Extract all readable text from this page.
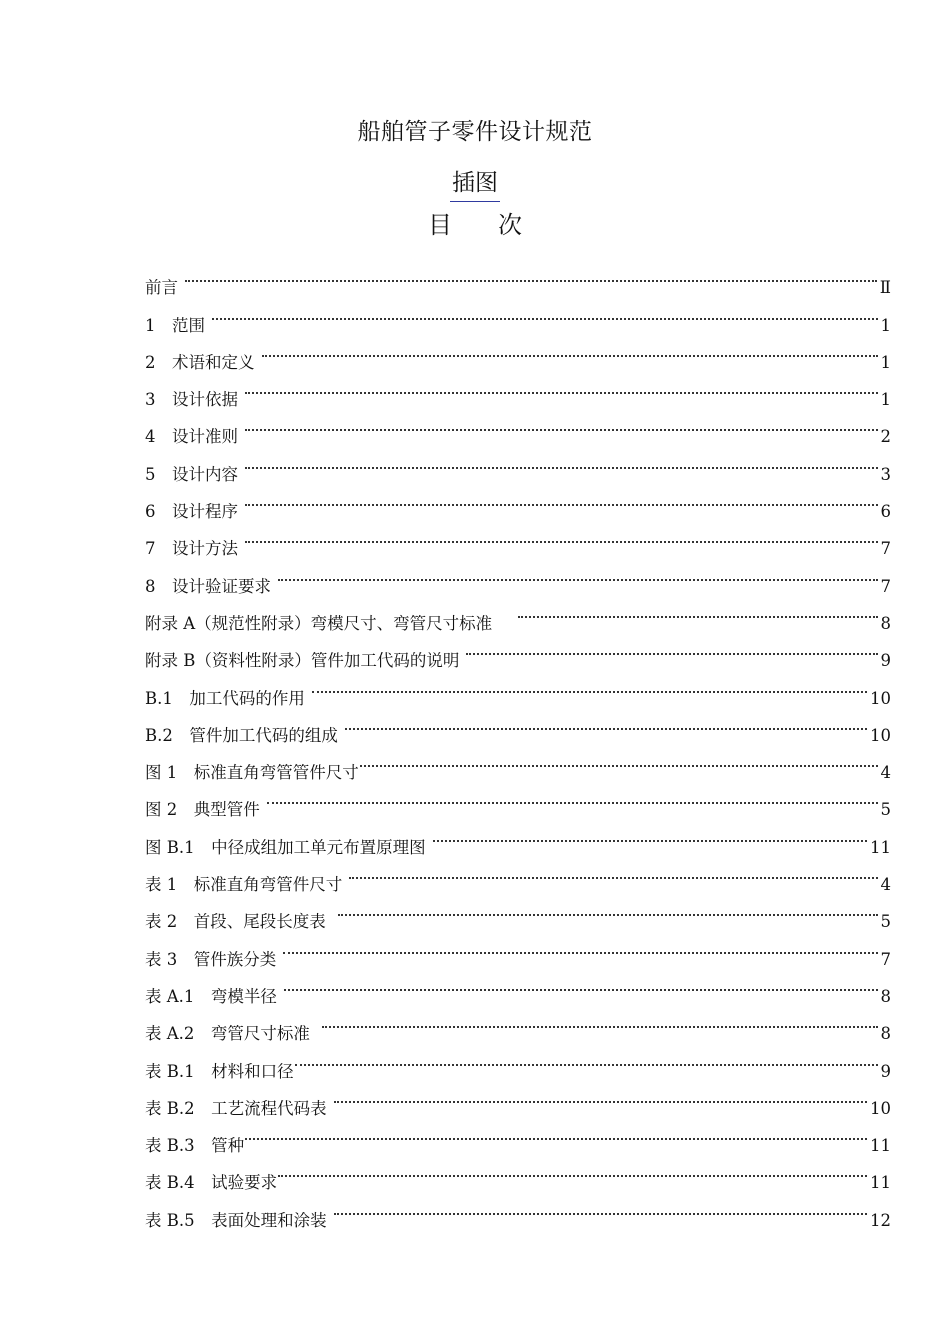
船舶管子零件设计规范
插图
目 次
前言	Ⅱ
1　范围	1
2　术语和定义	1
3　设计依据	1
4　设计准则	2
5　设计内容	3
6　设计程序	6
7　设计方法	7
8　设计验证要求	7
附录 A（规范性附录）弯模尺寸、弯管尺寸标准	8
附录 B（资料性附录）管件加工代码的说明	9
B.1　加工代码的作用	10
B.2　管件加工代码的组成	10
图 1　标准直角弯管管件尺寸	4
图 2　典型管件	5
图 B.1　中径成组加工单元布置原理图	11
表 1　标准直角弯管件尺寸	4
表 2　首段、尾段长度表	5
表 3　管件族分类	7
表 A.1　弯模半径	8
表 A.2　弯管尺寸标准	8
表 B.1　材料和口径	9
表 B.2　工艺流程代码表	10
表 B.3　管种	11
表 B.4　试验要求	11
表 B.5　表面处理和涂装	12
